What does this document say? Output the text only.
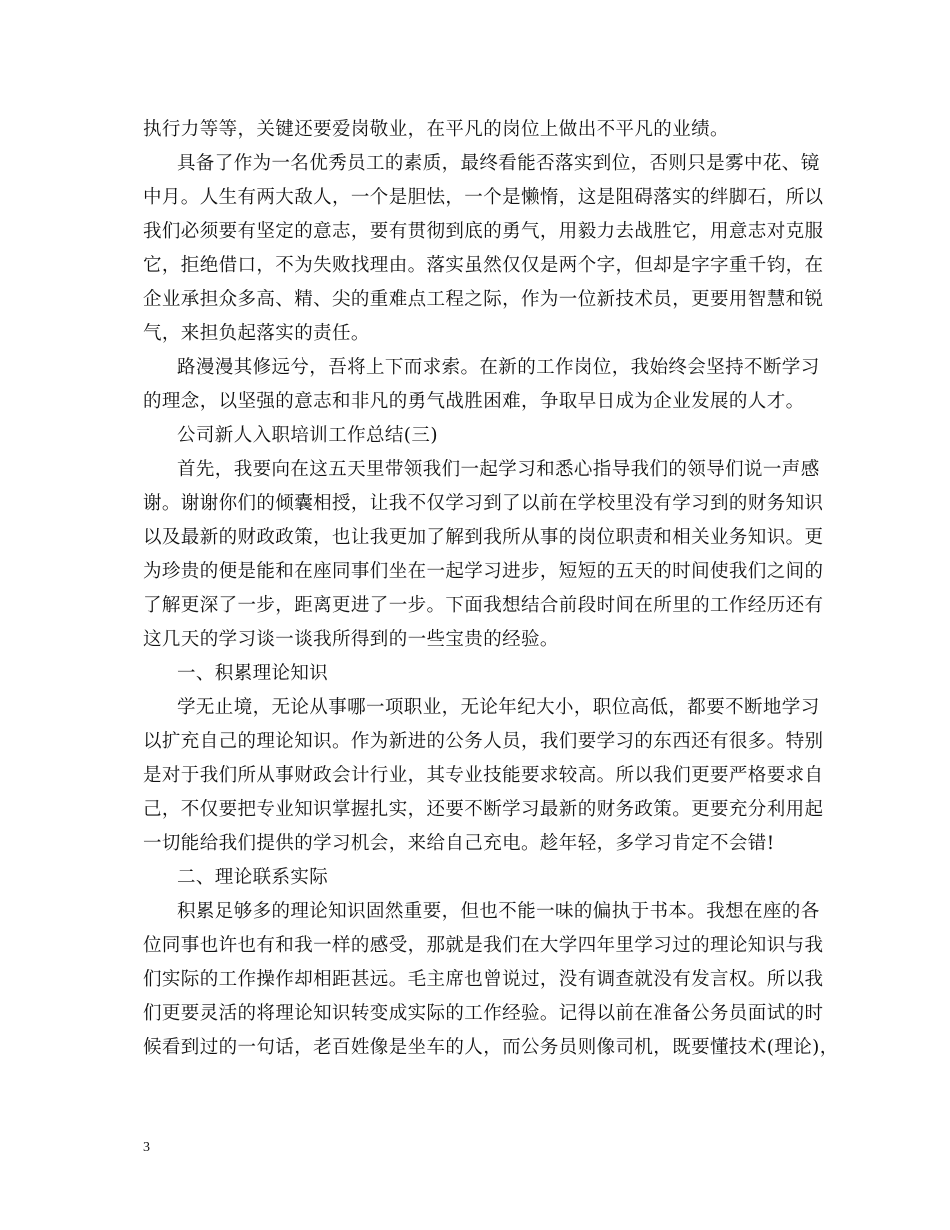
执行力等等，关键还要爱岗敬业，在平凡的岗位上做出不平凡的业绩。
具备了作为一名优秀员工的素质，最终看能否落实到位，否则只是雾中花、镜
中月。人生有两大敌人，一个是胆怯，一个是懒惰，这是阻碍落实的绊脚石，所以
我们必须要有坚定的意志，要有贯彻到底的勇气，用毅力去战胜它，用意志对克服
它，拒绝借口，不为失败找理由。落实虽然仅仅是两个字，但却是字字重千钧，在
企业承担众多高、精、尖的重难点工程之际，作为一位新技术员，更要用智慧和锐
气，来担负起落实的责任。
路漫漫其修远兮，吾将上下而求索。在新的工作岗位，我始终会坚持不断学习
的理念，以坚强的意志和非凡的勇气战胜困难，争取早日成为企业发展的人才。
公司新人入职培训工作总结(三)
首先，我要向在这五天里带领我们一起学习和悉心指导我们的领导们说一声感
谢。谢谢你们的倾囊相授，让我不仅学习到了以前在学校里没有学习到的财务知识
以及最新的财政政策，也让我更加了解到我所从事的岗位职责和相关业务知识。更
为珍贵的便是能和在座同事们坐在一起学习进步，短短的五天的时间使我们之间的
了解更深了一步，距离更进了一步。下面我想结合前段时间在所里的工作经历还有
这几天的学习谈一谈我所得到的一些宝贵的经验。
一、积累理论知识
学无止境，无论从事哪一项职业，无论年纪大小，职位高低，都要不断地学习
以扩充自己的理论知识。作为新进的公务人员，我们要学习的东西还有很多。特别
是对于我们所从事财政会计行业，其专业技能要求较高。所以我们更要严格要求自
己，不仅要把专业知识掌握扎实，还要不断学习最新的财务政策。更要充分利用起
一切能给我们提供的学习机会，来给自己充电。趁年轻，多学习肯定不会错!
二、理论联系实际
积累足够多的理论知识固然重要，但也不能一味的偏执于书本。我想在座的各
位同事也许也有和我一样的感受，那就是我们在大学四年里学习过的理论知识与我
们实际的工作操作却相距甚远。毛主席也曾说过，没有调查就没有发言权。所以我
们更要灵活的将理论知识转变成实际的工作经验。记得以前在准备公务员面试的时
候看到过的一句话，老百姓像是坐车的人，而公务员则像司机，既要懂技术(理论)，
3
